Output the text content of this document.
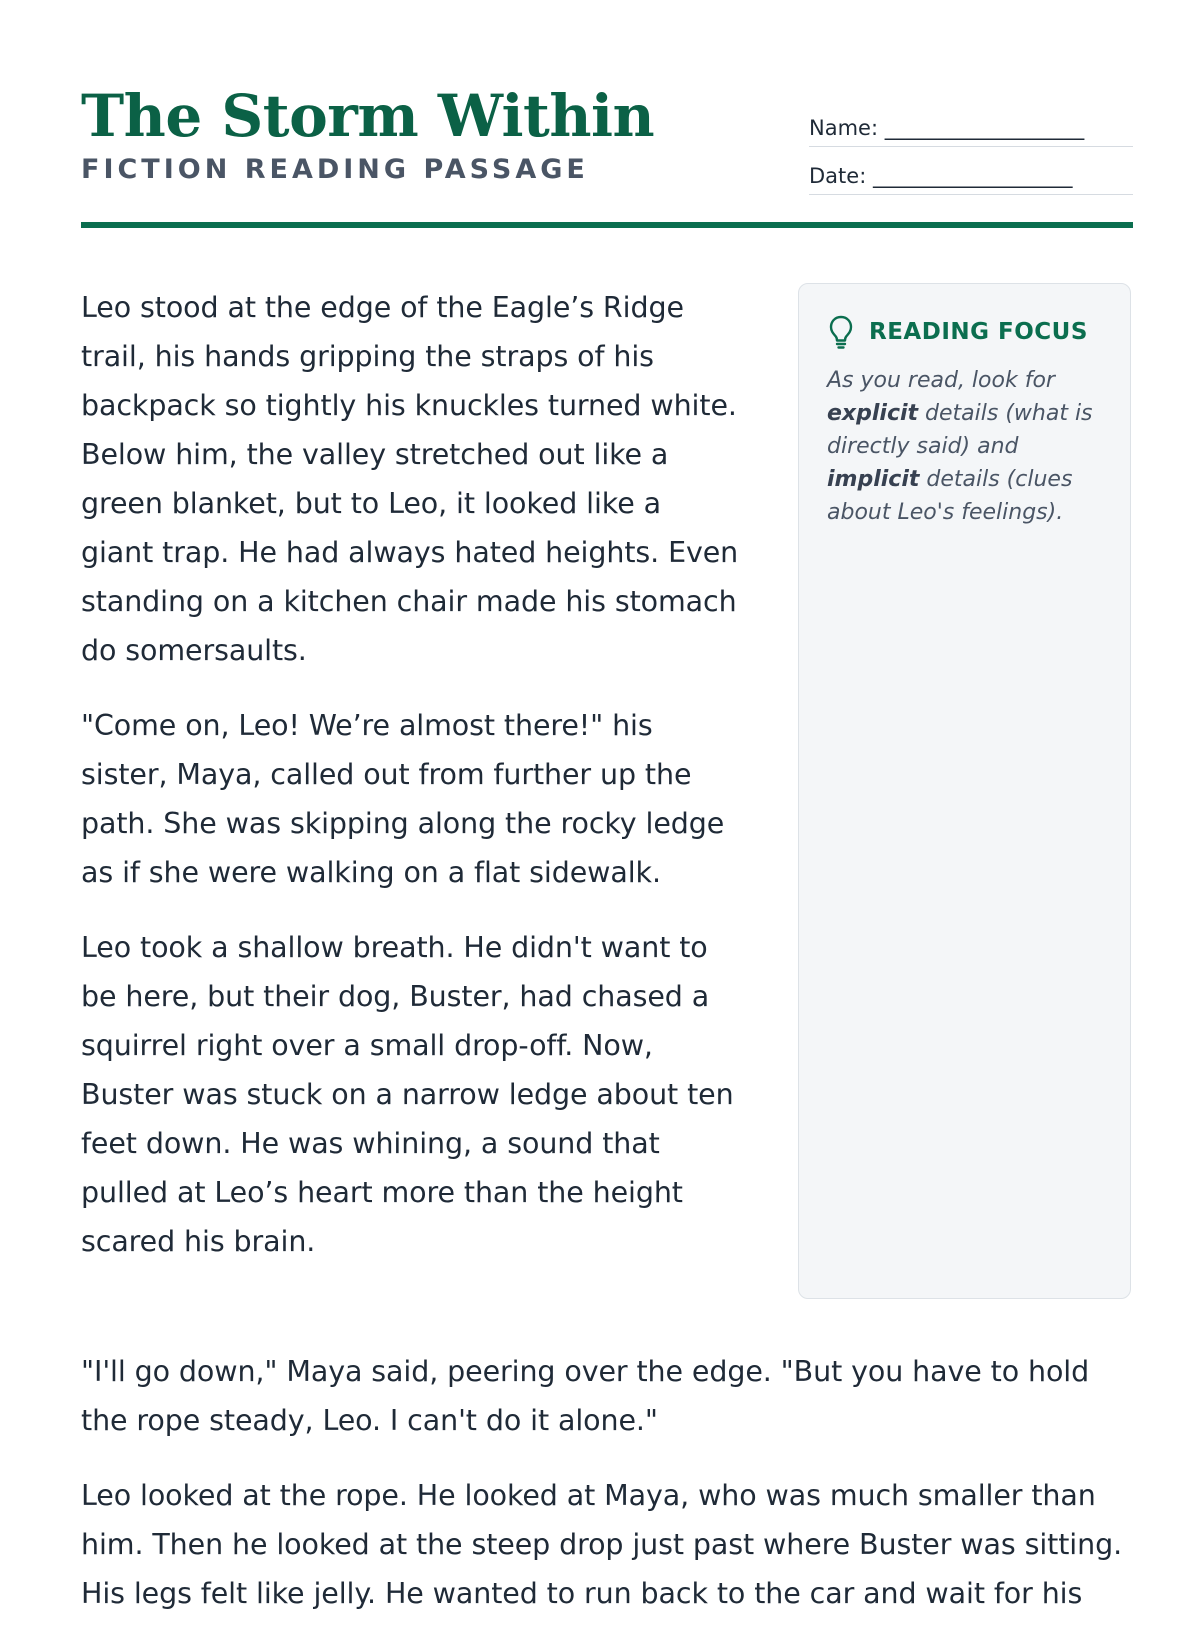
The Storm Within
FICTION READING PASSAGE
Name: ___________________
Date: ___________________

Leo stood at the edge of the Eagle’s Ridge trail, his hands gripping the straps of his backpack so tightly his knuckles turned white. Below him, the valley stretched out like a green blanket, but to Leo, it looked like a giant trap. He had always hated heights. Even standing on a kitchen chair made his stomach do somersaults.

"Come on, Leo! We’re almost there!" his sister, Maya, called out from further up the path. She was skipping along the rocky ledge as if she were walking on a flat sidewalk.

Leo took a shallow breath. He didn't want to be here, but their dog, Buster, had chased a squirrel right over a small drop-off. Now, Buster was stuck on a narrow ledge about ten feet down. He was whining, a sound that pulled at Leo’s heart more than the height scared his brain.

READING FOCUS
As you read, look for explicit details (what is directly said) and implicit details (clues about Leo's feelings).

"I'll go down," Maya said, peering over the edge. "But you have to hold the rope steady, Leo. I can't do it alone."

Leo looked at the rope. He looked at Maya, who was much smaller than him. Then he looked at the steep drop just past where Buster was sitting. His legs felt like jelly. He wanted to run back to the car and wait for his
